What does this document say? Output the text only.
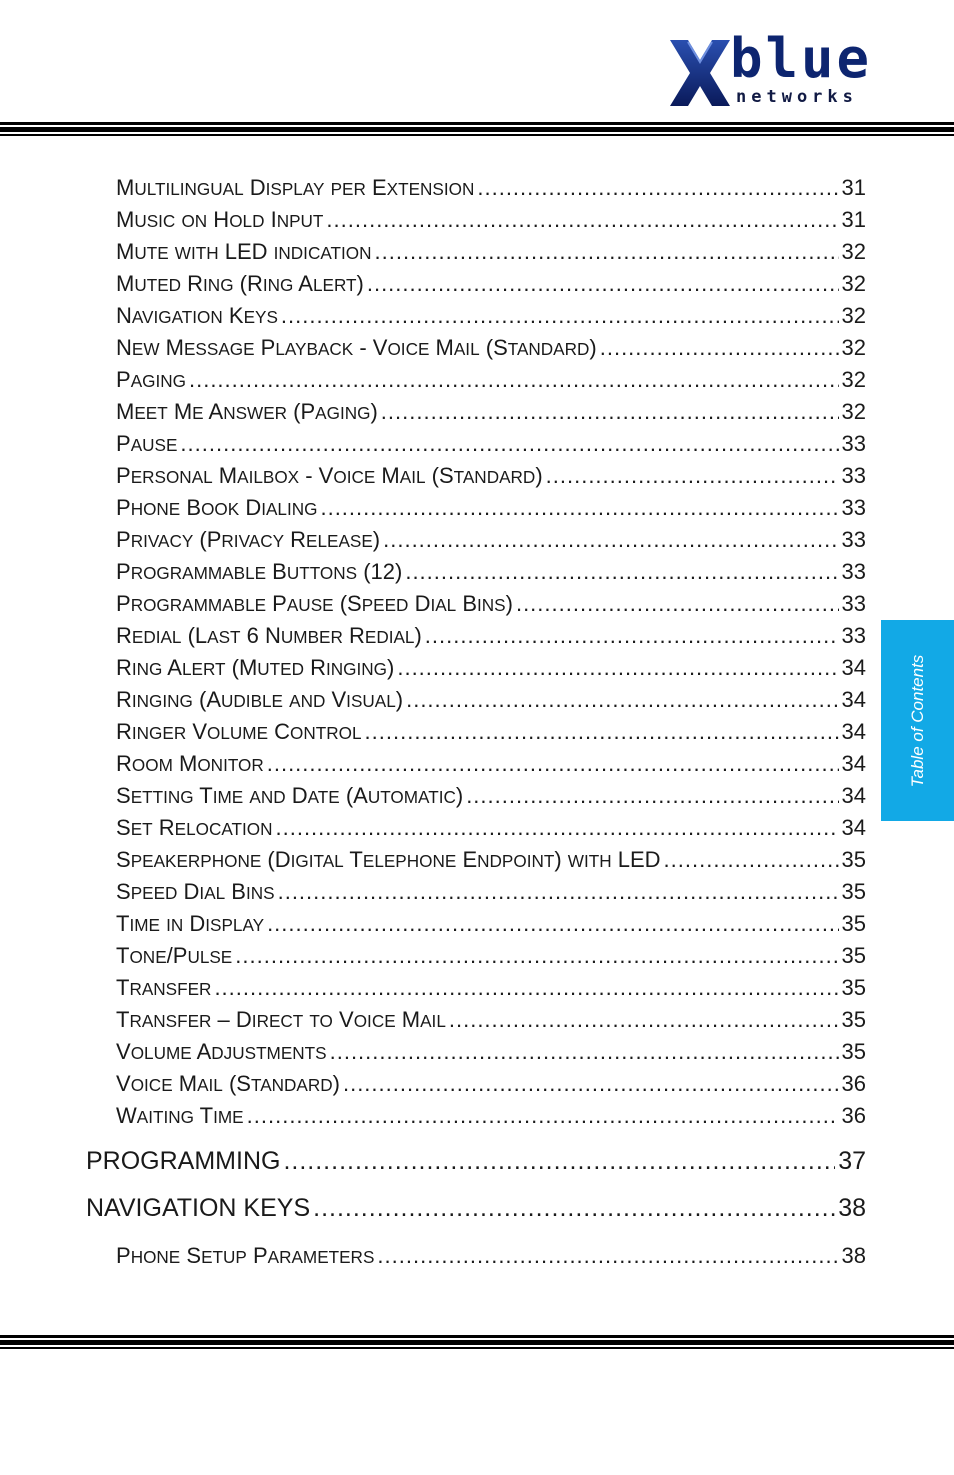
blue
networks
Table of Contents
MULTILINGUAL DISPLAY PER EXTENSION .....	31
MUSIC ON HOLD INPUT .....	31
MUTE WITH LED INDICATION .....	32
MUTED RING (RING ALERT) .....	32
NAVIGATION KEYS .....	32
NEW MESSAGE PLAYBACK - VOICE MAIL (STANDARD) .....	32
PAGING .....	32
MEET ME ANSWER (PAGING) .....	32
PAUSE .....	33
PERSONAL MAILBOX - VOICE MAIL (STANDARD) .....	33
PHONE BOOK DIALING .....	33
PRIVACY (PRIVACY RELEASE) .....	33
PROGRAMMABLE BUTTONS (12) .....	33
PROGRAMMABLE PAUSE (SPEED DIAL BINS) .....	33
REDIAL (LAST 6 NUMBER REDIAL) .....	33
RING ALERT (MUTED RINGING) .....	34
RINGING (AUDIBLE AND VISUAL) .....	34
RINGER VOLUME CONTROL .....	34
ROOM MONITOR .....	34
SETTING TIME AND DATE (AUTOMATIC) .....	34
SET RELOCATION .....	34
SPEAKERPHONE (DIGITAL TELEPHONE ENDPOINT) WITH LED .....	35
SPEED DIAL BINS .....	35
TIME IN DISPLAY .....	35
TONE/PULSE .....	35
TRANSFER .....	35
TRANSFER – DIRECT TO VOICE MAIL .....	35
VOLUME ADJUSTMENTS .....	35
VOICE MAIL (STANDARD) .....	36
WAITING TIME .....	36
PROGRAMMING .....	37
NAVIGATION KEYS .....	38
PHONE SETUP PARAMETERS .....	38
